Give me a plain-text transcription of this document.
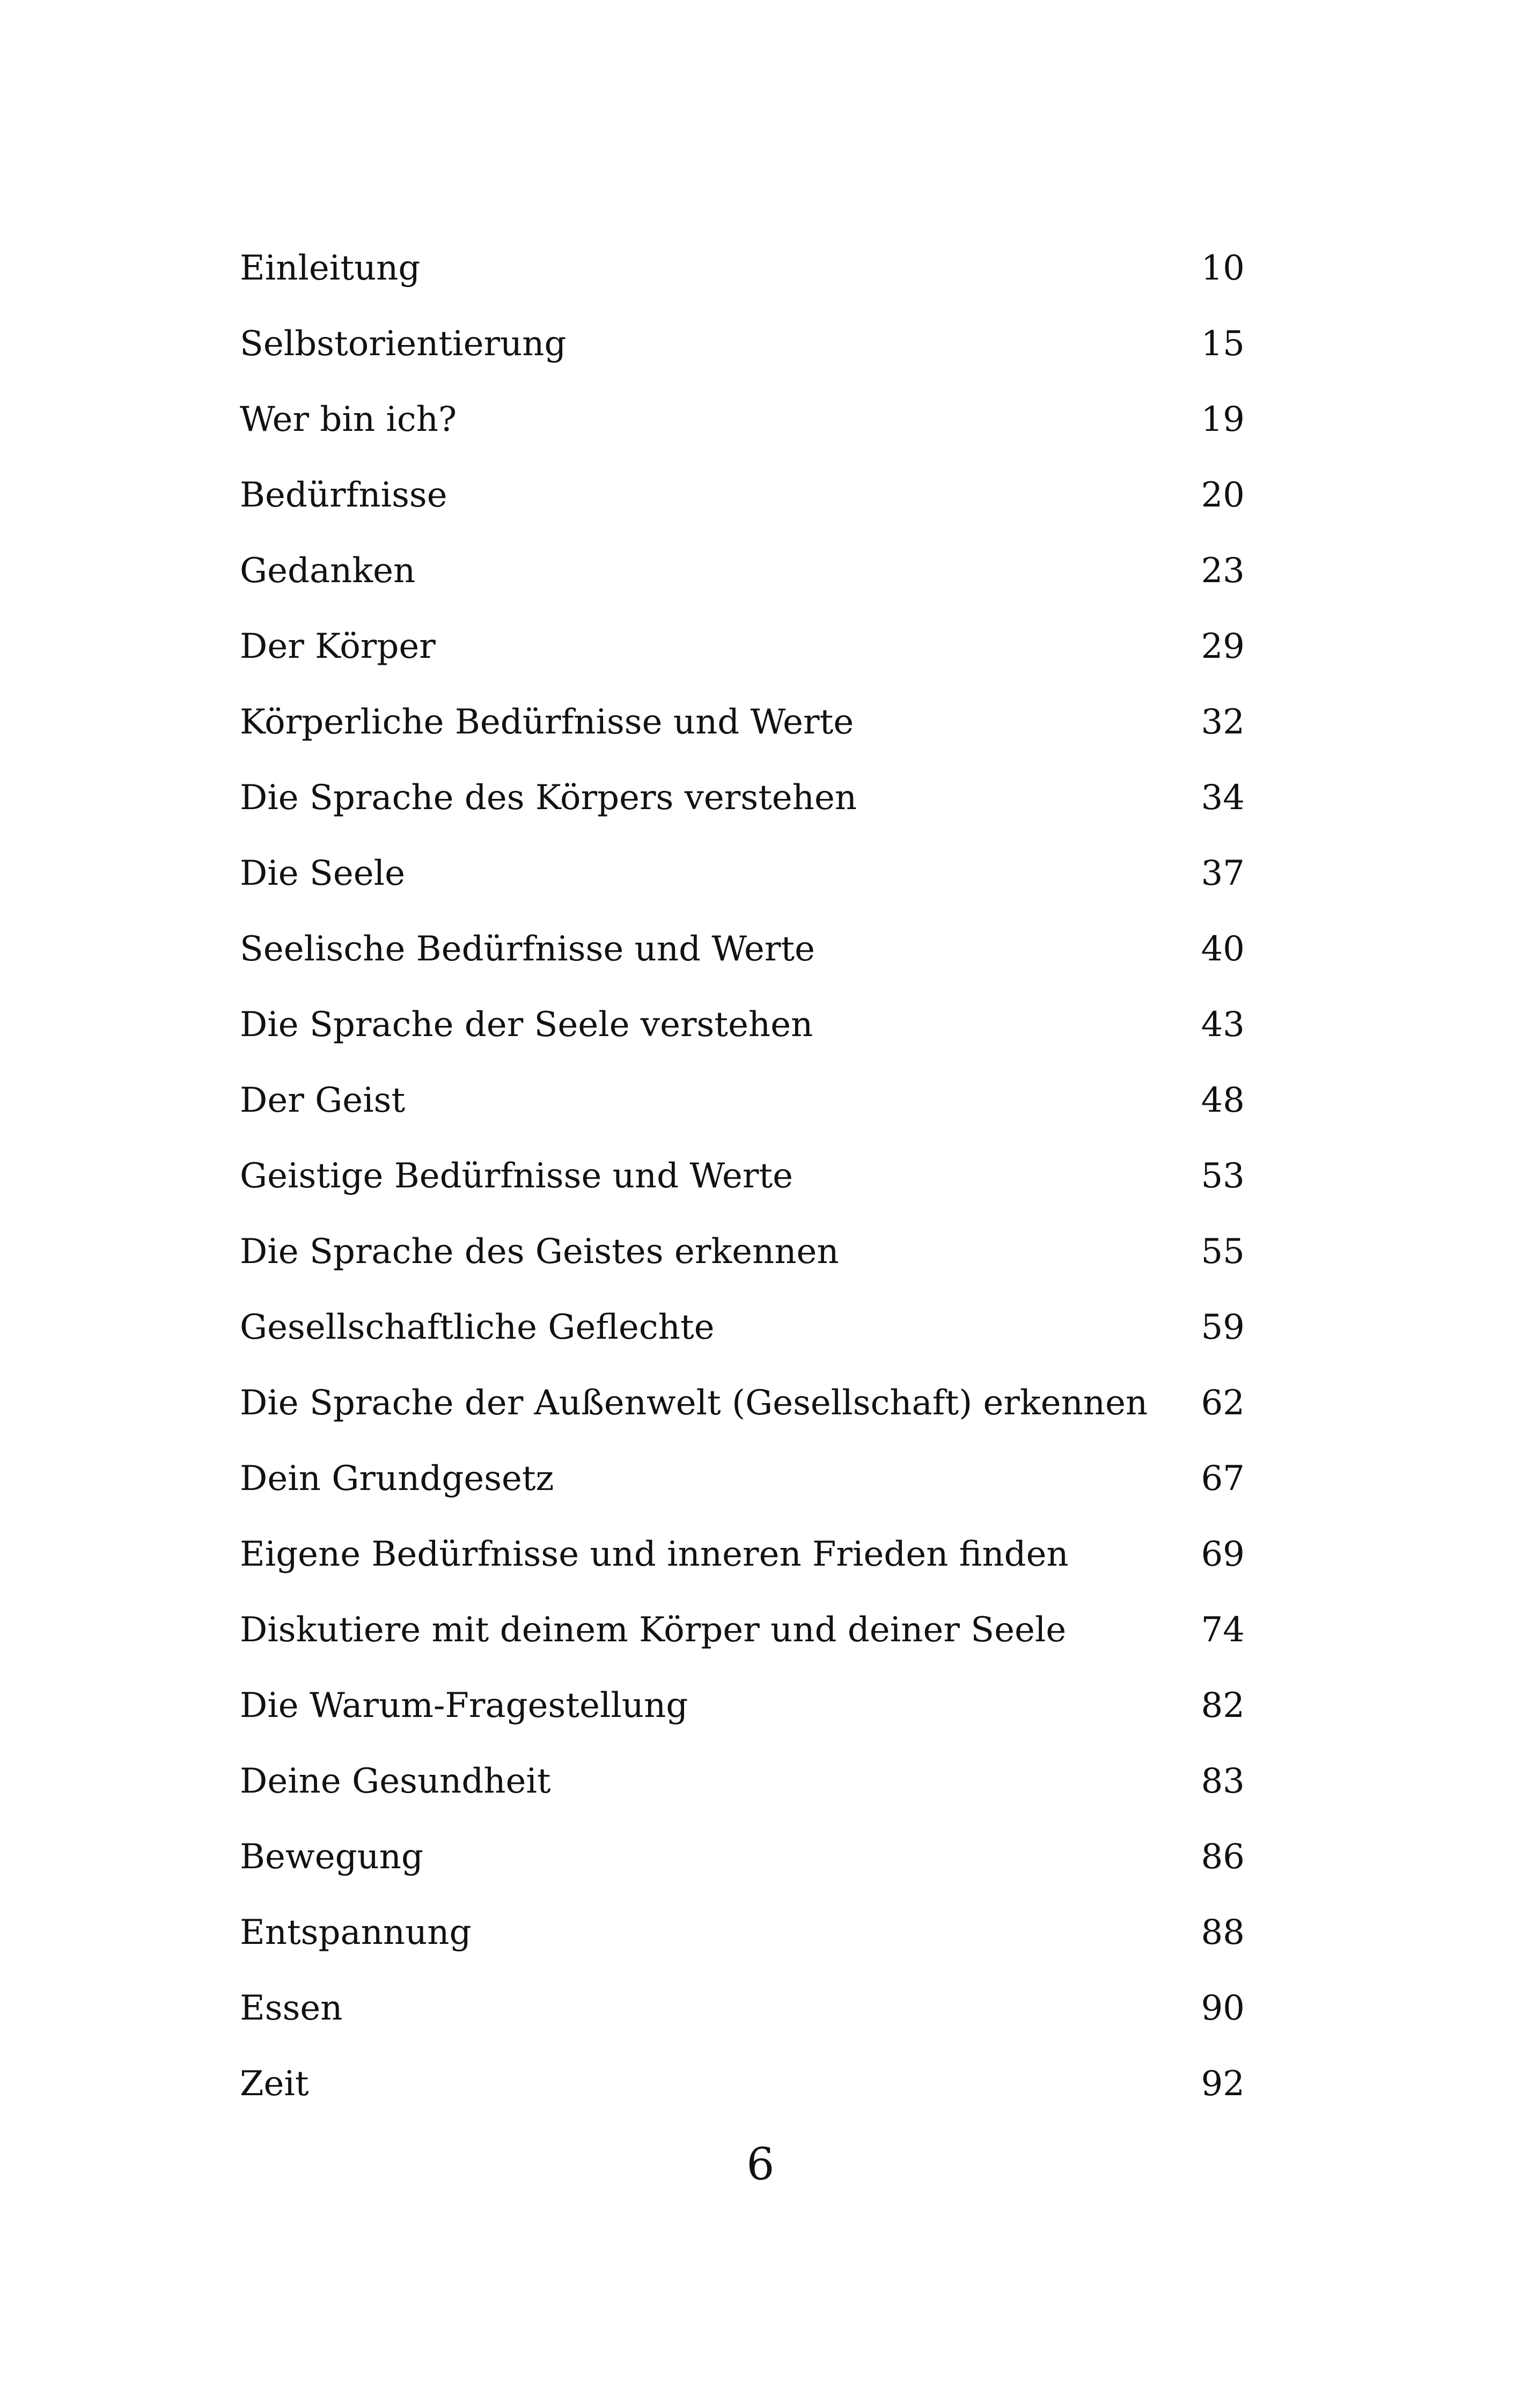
Einleitung	10
Selbstorientierung	15
Wer bin ich?	19
Bedürfnisse	20
Gedanken	23
Der Körper	29
Körperliche Bedürfnisse und Werte	32
Die Sprache des Körpers verstehen	34
Die Seele	37
Seelische Bedürfnisse und Werte	40
Die Sprache der Seele verstehen	43
Der Geist	48
Geistige Bedürfnisse und Werte	53
Die Sprache des Geistes erkennen	55
Gesellschaftliche Geflechte	59
Die Sprache der Außenwelt (Gesellschaft) erkennen 62
Dein Grundgesetz	67
Eigene Bedürfnisse und inneren Frieden finden	69
Diskutiere mit deinem Körper und deiner Seele	74
Die Warum-Fragestellung	82
Deine Gesundheit	83
Bewegung	86
Entspannung	88
Essen	90
Zeit	92
6
